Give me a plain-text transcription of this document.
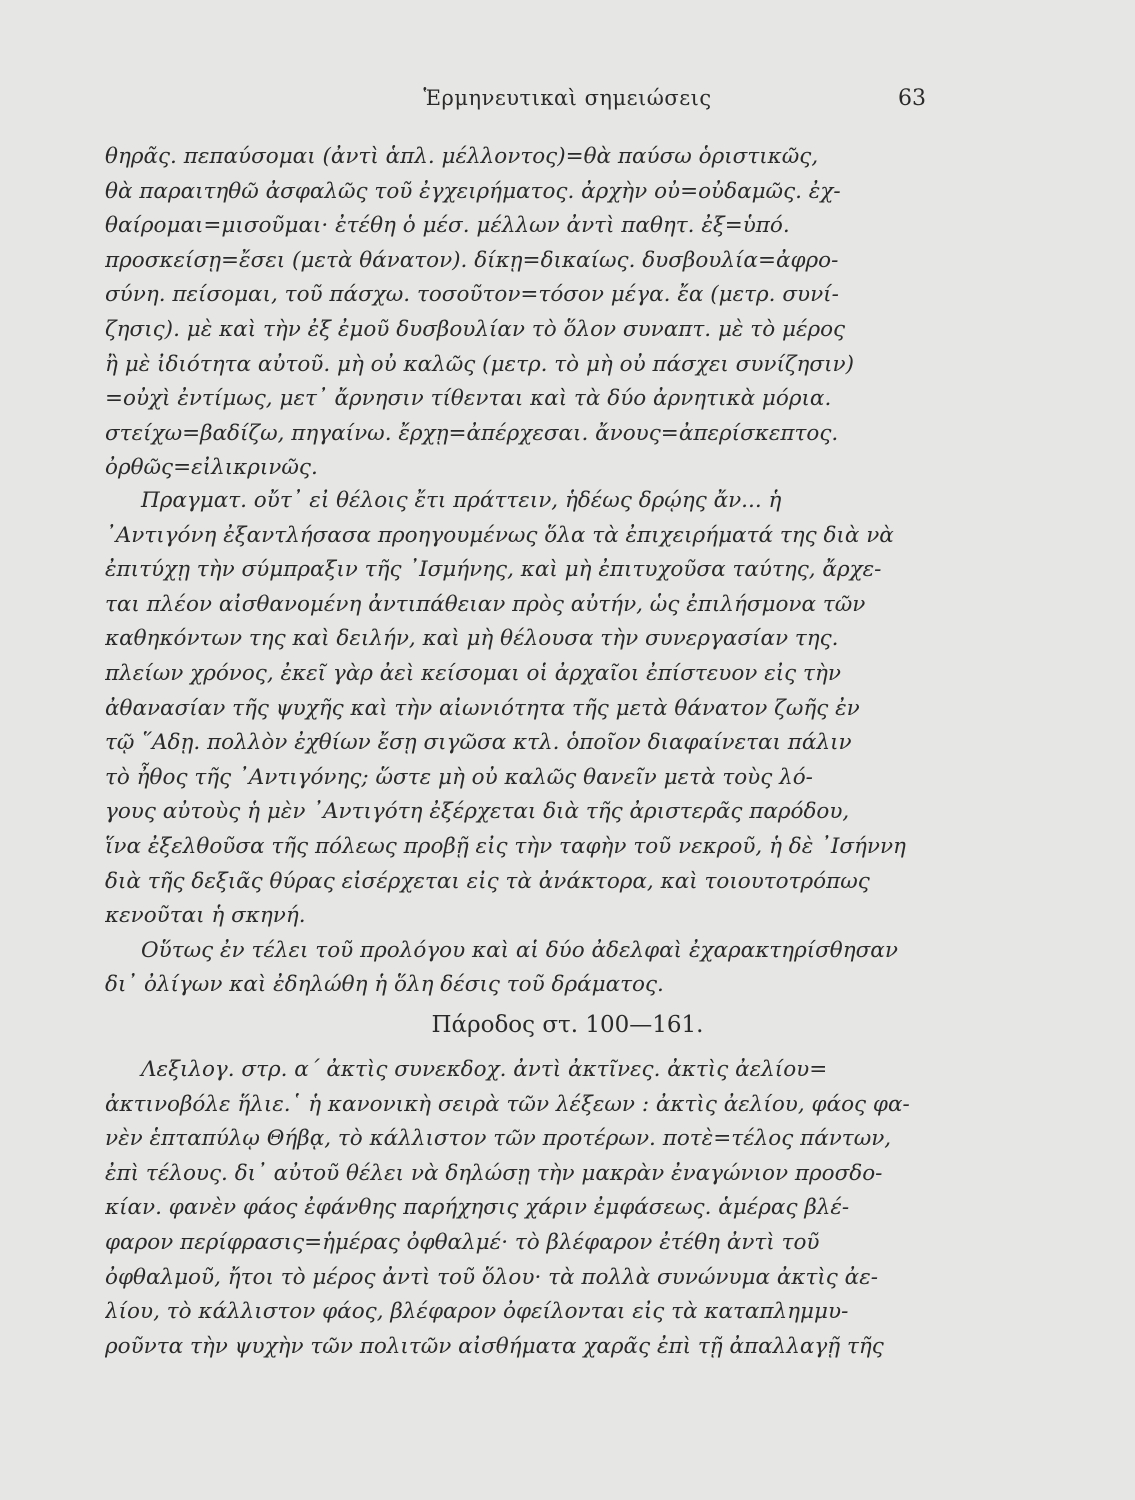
Ἑρμηνευτικαὶ σημειώσεις	63
θηρᾶς. πεπαύσομαι (ἀντὶ ἁπλ. μέλλοντος)=θὰ παύσω ὁριστικῶς,
θὰ παραιτηθῶ ἀσφαλῶς τοῦ ἐγχειρήματος. ἀρχὴν οὐ=οὐδαμῶς. ἐχ-
θαίρομαι=μισοῦμαι· ἐτέθη ὁ μέσ. μέλλων ἀντὶ παθητ. ἐξ=ὑπό.
προσκείσῃ=ἔσει (μετὰ θάνατον). δίκῃ=δικαίως. δυσβουλία=ἀφρο-
σύνη. πείσομαι, τοῦ πάσχω. τοσοῦτον=τόσον μέγα. ἔα (μετρ. συνί-
ζησις). μὲ καὶ τὴν ἐξ ἐμοῦ δυσβουλίαν τὸ ὅλον συναπτ. μὲ τὸ μέρος
ἢ μὲ ἰδιότητα αὐτοῦ. μὴ οὐ καλῶς (μετρ. τὸ μὴ οὐ πάσχει συνίζησιν)
=οὐχὶ ἐντίμως, μετ᾽ ἄρνησιν τίθενται καὶ τὰ δύο ἀρνητικὰ μόρια.
στείχω=βαδίζω, πηγαίνω. ἔρχῃ=ἀπέρχεσαι. ἄνους=ἀπερίσκεπτος.
ὀρθῶς=εἰλικρινῶς.
Πραγματ. οὔτ᾽ εἰ θέλοις ἔτι πράττειν, ἡδέως δρῴης ἄν... ἡ
᾽Αντιγόνη ἐξαντλήσασα προηγουμένως ὅλα τὰ ἐπιχειρήματά της διὰ νὰ
ἐπιτύχῃ τὴν σύμπραξιν τῆς ᾽Ισμήνης, καὶ μὴ ἐπιτυχοῦσα ταύτης, ἄρχε-
ται πλέον αἰσθανομένη ἀντιπάθειαν πρὸς αὐτήν, ὡς ἐπιλήσμονα τῶν
καθηκόντων της καὶ δειλήν, καὶ μὴ θέλουσα τὴν συνεργασίαν της.
πλείων χρόνος, ἐκεῖ γὰρ ἀεὶ κείσομαι οἱ ἀρχαῖοι ἐπίστευον εἰς τὴν
ἀθανασίαν τῆς ψυχῆς καὶ τὴν αἰωνιότητα τῆς μετὰ θάνατον ζωῆς ἐν
τῷ ῞Αδῃ. πολλὸν ἐχθίων ἔσῃ σιγῶσα κτλ. ὁποῖον διαφαίνεται πάλιν
τὸ ἦθος τῆς ᾽Αντιγόνης; ὥστε μὴ οὐ καλῶς θανεῖν μετὰ τοὺς λό-
γους αὐτοὺς ἡ μὲν ᾽Αντιγότη ἐξέρχεται διὰ τῆς ἀριστερᾶς παρόδου,
ἵνα ἐξελθοῦσα τῆς πόλεως προβῇ εἰς τὴν ταφὴν τοῦ νεκροῦ, ἡ δὲ ᾽Ισήννη
διὰ τῆς δεξιᾶς θύρας εἰσέρχεται εἰς τὰ ἀνάκτορα, καὶ τοιουτοτρόπως
κενοῦται ἡ σκηνή.
Οὕτως ἐν τέλει τοῦ προλόγου καὶ αἱ δύο ἀδελφαὶ ἐχαρακτηρίσθησαν
δι᾽ ὀλίγων καὶ ἐδηλώθη ἡ ὅλη δέσις τοῦ δράματος.
Πάροδος στ. 100—161.
Λεξιλογ. στρ. α΄ ἀκτὶς συνεκδοχ. ἀντὶ ἀκτῖνες. ἀκτὶς ἀελίου=
ἀκτινοβόλε ἥλιε.῾ ἡ κανονικὴ σειρὰ τῶν λέξεων : ἀκτὶς ἀελίου, φάος φα-
νὲν ἑπταπύλῳ Θήβᾳ, τὸ κάλλιστον τῶν προτέρων. ποτὲ=τέλος πάντων,
ἐπὶ τέλους. δι᾽ αὐτοῦ θέλει νὰ δηλώσῃ τὴν μακρὰν ἐναγώνιον προσδο-
κίαν. φανὲν φάος ἐφάνθης παρήχησις χάριν ἐμφάσεως. ἁμέρας βλέ-
φαρον περίφρασις=ἡμέρας ὀφθαλμέ· τὸ βλέφαρον ἐτέθη ἀντὶ τοῦ
ὀφθαλμοῦ, ἤτοι τὸ μέρος ἀντὶ τοῦ ὅλου· τὰ πολλὰ συνώνυμα ἀκτὶς ἀε-
λίου, τὸ κάλλιστον φάος, βλέφαρον ὀφείλονται εἰς τὰ καταπλημμυ-
ροῦντα τὴν ψυχὴν τῶν πολιτῶν αἰσθήματα χαρᾶς ἐπὶ τῇ ἀπαλλαγῇ τῆς
